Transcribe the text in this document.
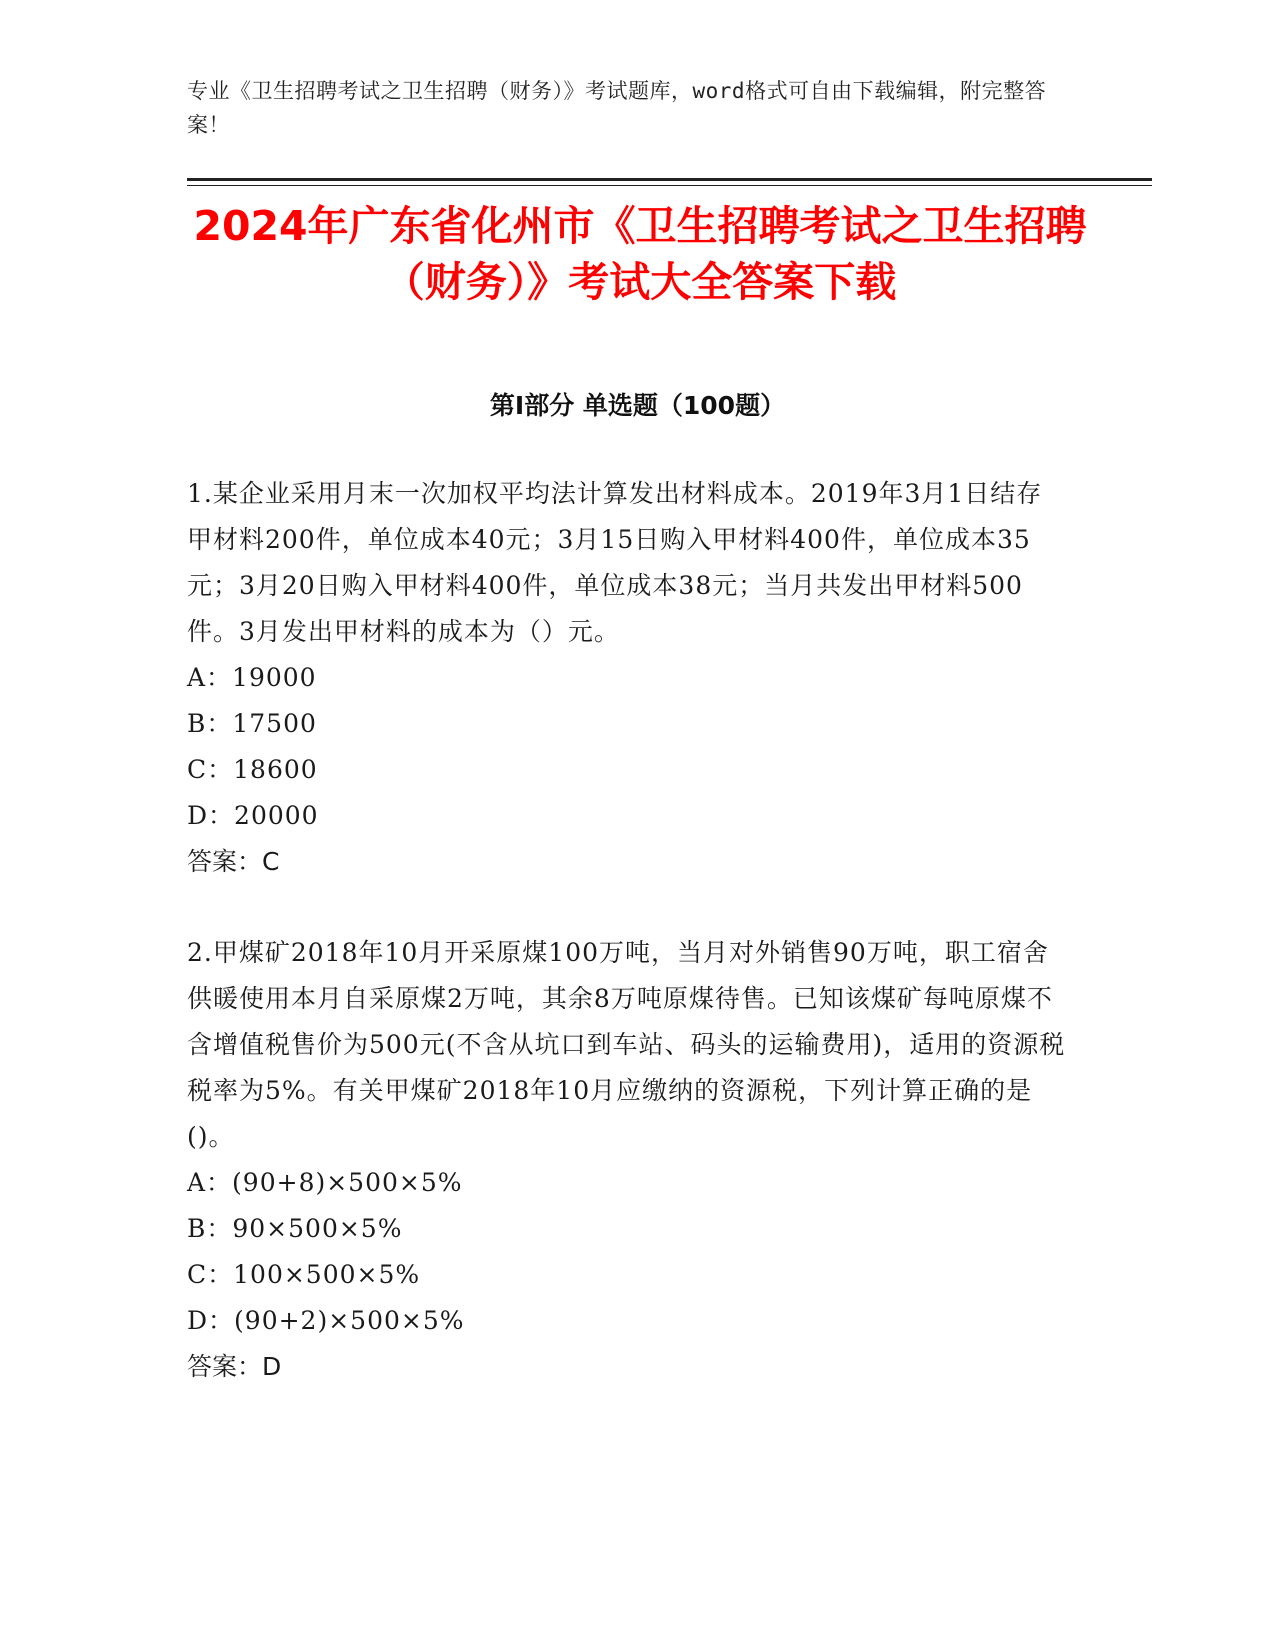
专业《卫生招聘考试之卫生招聘（财务）》考试题库，word格式可自由下载编辑，附完整答案！
2024年广东省化州市《卫生招聘考试之卫生招聘（财务）》考试大全答案下载
第Ⅰ部分 单选题（100题）
1.某企业采用月末一次加权平均法计算发出材料成本。2019年3月1日结存甲材料200件，单位成本40元；3月15日购入甲材料400件，单位成本35元；3月20日购入甲材料400件，单位成本38元；当月共发出甲材料500件。3月发出甲材料的成本为（）元。
A：19000
B：17500
C：18600
D：20000
答案：C
2.甲煤矿2018年10月开采原煤100万吨，当月对外销售90万吨，职工宿舍供暖使用本月自采原煤2万吨，其余8万吨原煤待售。已知该煤矿每吨原煤不含增值税售价为500元(不含从坑口到车站、码头的运输费用)，适用的资源税税率为5%。有关甲煤矿2018年10月应缴纳的资源税，下列计算正确的是()。
A：(90+8)×500×5%
B：90×500×5%
C：100×500×5%
D：(90+2)×500×5%
答案：D
